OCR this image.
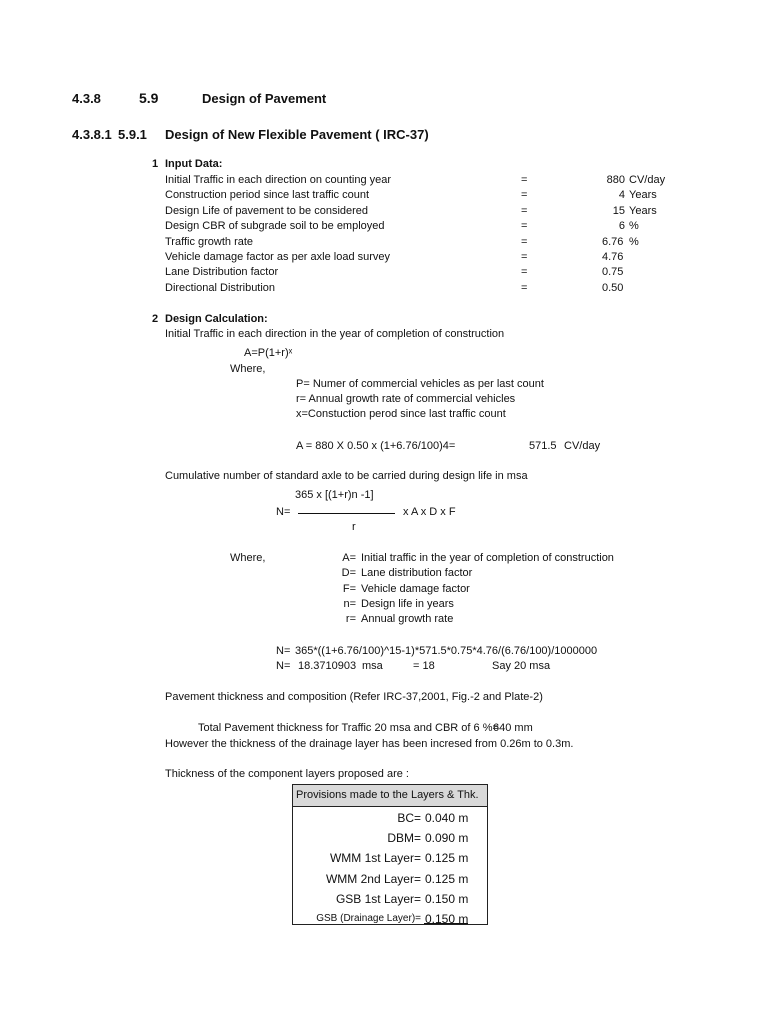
4.3.8	5.9	Design of Pavement
4.3.8.1 5.9.1 Design of New Flexible Pavement ( IRC-37)
1 Input Data:
Initial Traffic in each direction on counting year	=	880 CV/day
Construction period since last traffic count	=	4 Years
Design Life of pavement to be considered	=	15 Years
Design CBR of subgrade soil to be employed	=	6 %
Traffic growth rate	=	6.76 %
Vehicle damage factor as per axle load survey	=	4.76
Lane Distribution factor	=	0.75
Directional Distribution	=	0.50
2 Design Calculation:
Initial Traffic in each direction in the year of completion of construction
A=P(1+r)ˣ
Where,
P= Numer of commercial vehicles as per last count
r= Annual growth rate of commercial vehicles
x=Constuction perod since last traffic count
A = 880 X 0.50 x (1+6.76/100)4=	571.5 CV/day
Cumulative number of standard axle to be carried during design life in msa
365 x [(1+r)n -1]
N=	x A x D x F
r
Where,	A= Initial traffic in the year of completion of construction
D= Lane distribution factor
F= Vehicle damage factor
n= Design life in years
r= Annual growth rate
N= 365*((1+6.76/100)^15-1)*571.5*0.75*4.76/(6.76/100)/1000000
N= 18.3710903 msa	= 18	Say 20 msa
Pavement thickness and composition (Refer IRC-37,2001, Fig.-2 and Plate-2)
Total Pavement thickness for Traffic 20 msa and CBR of 6 %=
640 mm
However the thickness of the drainage layer has been incresed from 0.26m to 0.3m.
Thickness of the component layers proposed are :
Provisions made to the Layers & Thk.
BC= 0.040 m
DBM= 0.090 m
WMM 1st Layer= 0.125 m
WMM 2nd Layer= 0.125 m
GSB 1st Layer= 0.150 m
GSB (Drainage Layer)= 0.150 m
